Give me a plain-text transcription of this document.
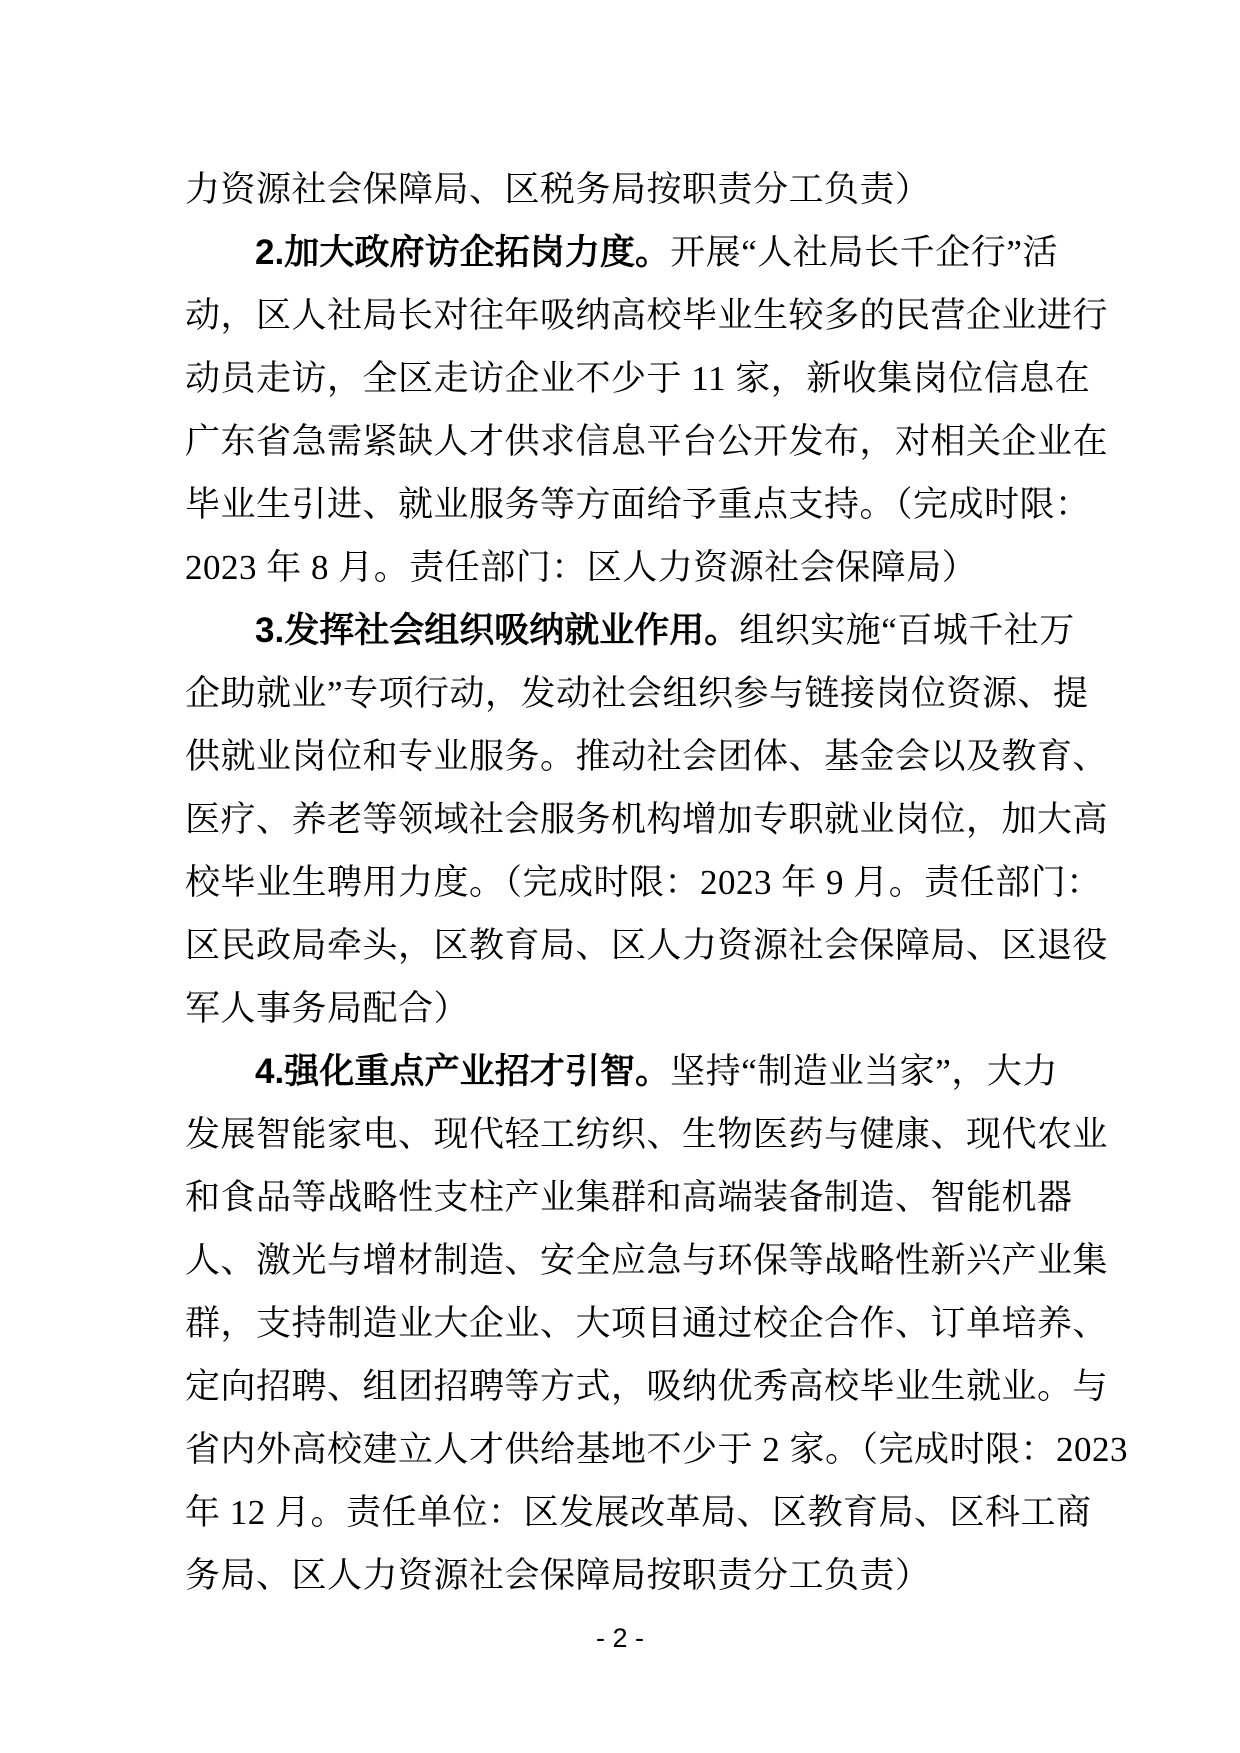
力资源社会保障局、区税务局按职责分工负责）
2.加大政府访企拓岗力度。开展“人社局长千企行”活
动，区人社局长对往年吸纳高校毕业生较多的民营企业进行
动员走访，全区走访企业不少于 11 家，新收集岗位信息在
广东省急需紧缺人才供求信息平台公开发布，对相关企业在
毕业生引进、就业服务等方面给予重点支持。（完成时限：
2023 年 8 月。责任部门：区人力资源社会保障局）
3.发挥社会组织吸纳就业作用。组织实施“百城千社万
企助就业”专项行动，发动社会组织参与链接岗位资源、提
供就业岗位和专业服务。推动社会团体、基金会以及教育、
医疗、养老等领域社会服务机构增加专职就业岗位，加大高
校毕业生聘用力度。（完成时限：2023 年 9 月。责任部门：
区民政局牵头，区教育局、区人力资源社会保障局、区退役
军人事务局配合）
4.强化重点产业招才引智。坚持“制造业当家”，大力
发展智能家电、现代轻工纺织、生物医药与健康、现代农业
和食品等战略性支柱产业集群和高端装备制造、智能机器
人、激光与增材制造、安全应急与环保等战略性新兴产业集
群，支持制造业大企业、大项目通过校企合作、订单培养、
定向招聘、组团招聘等方式，吸纳优秀高校毕业生就业。与
省内外高校建立人才供给基地不少于 2 家。（完成时限：2023
年 12 月。责任单位：区发展改革局、区教育局、区科工商
务局、区人力资源社会保障局按职责分工负责）
- 2 -
